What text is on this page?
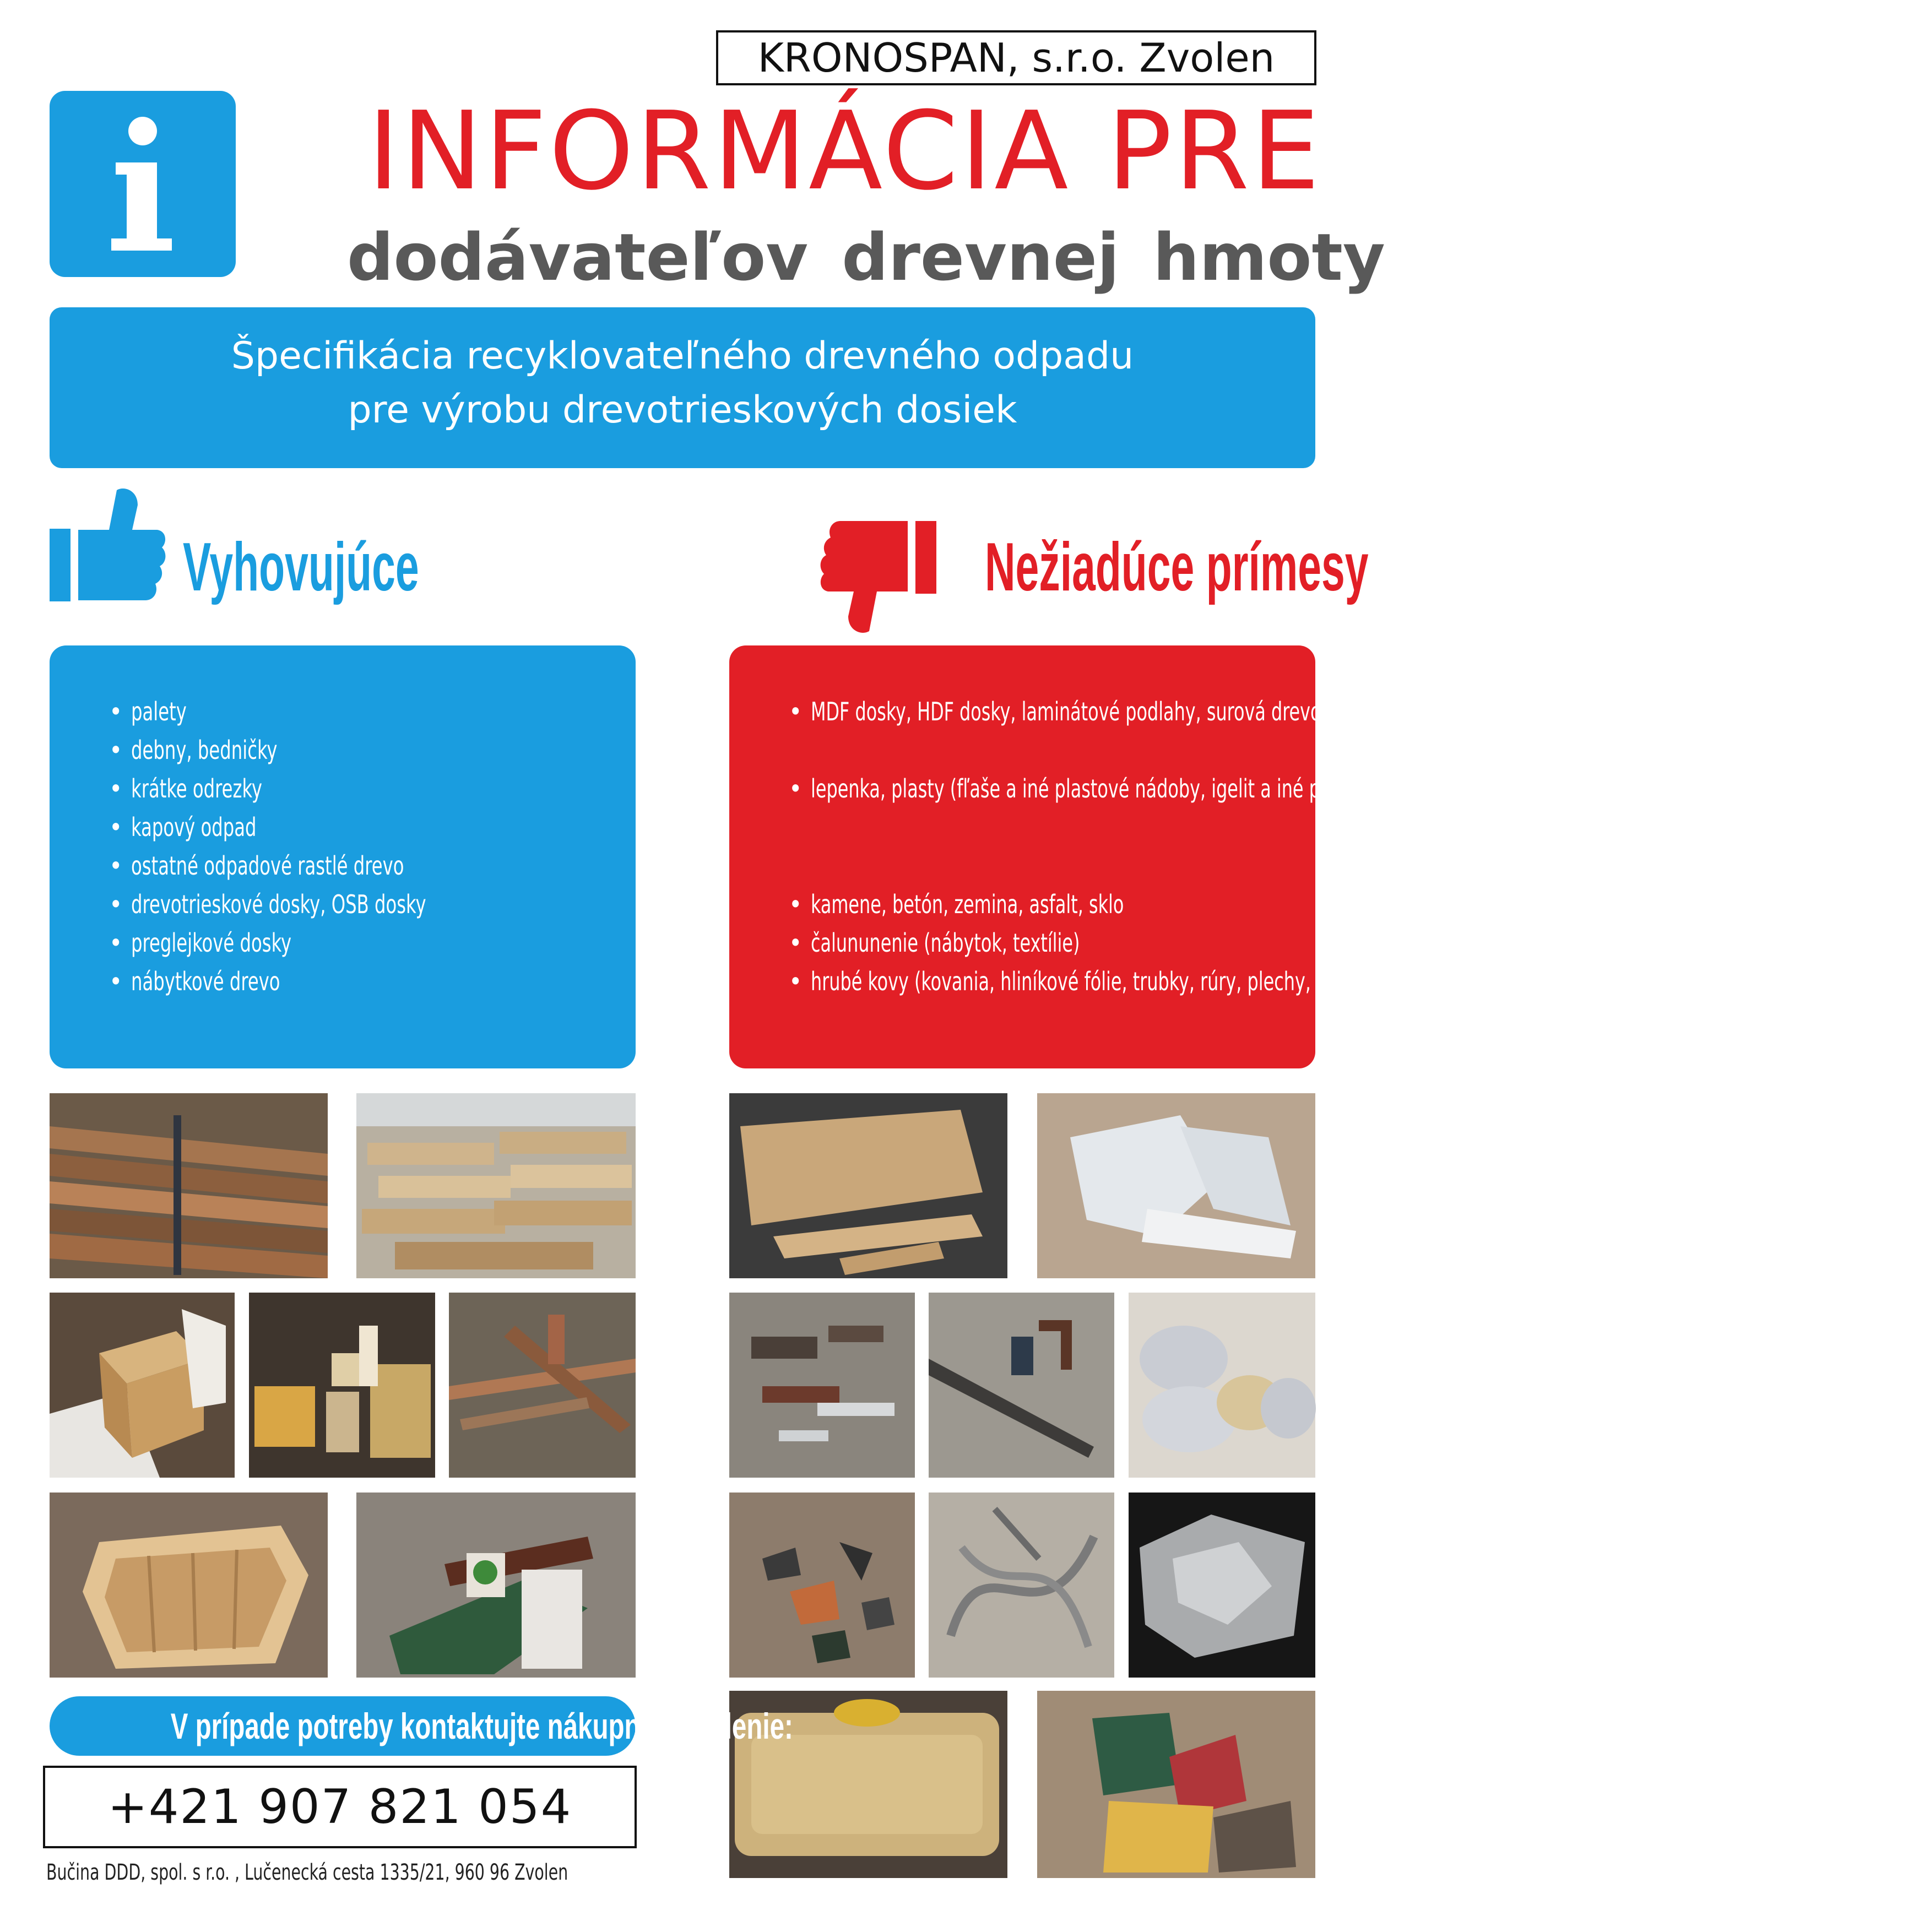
KRONOSPAN, s.r.o. Zvolen
INFORMÁCIA PRE
dodávateľov drevnej hmoty
Špecifikácia recyklovateľného drevného odpadu
pre výrobu drevotrieskových dosiek
Vyhovujúce	Nežiadúce prímesy
• palety
• debny, bedničky
• krátke odrezky
• kapový odpad
• ostatné odpadové rastlé drevo
• drevotrieskové dosky, OSB dosky
• preglejkové dosky
• nábytkové drevo
• MDF dosky, HDF dosky, laminátové podlahy, surová drevotriesková doska s hliníkovou fóliou
• lepenka, plasty (fľaše a iné plastové nádoby, igelit a iné plastové fólie, ostatné plastové predmety, guma, fólie, penové hmoty)
• kamene, betón, zemina, asfalt, sklo
• čalununenie (nábytok, textílie)
• hrubé kovy (kovania, hliníkové fólie, trubky, rúry, plechy, kovové platne, ostatné kovové predmety)
V prípade potreby kontaktujte nákupné oddelenie:
+421 907 821 054
Bučina DDD, spol. s r.o. , Lučenecká cesta 1335/21, 960 96 Zvolen
